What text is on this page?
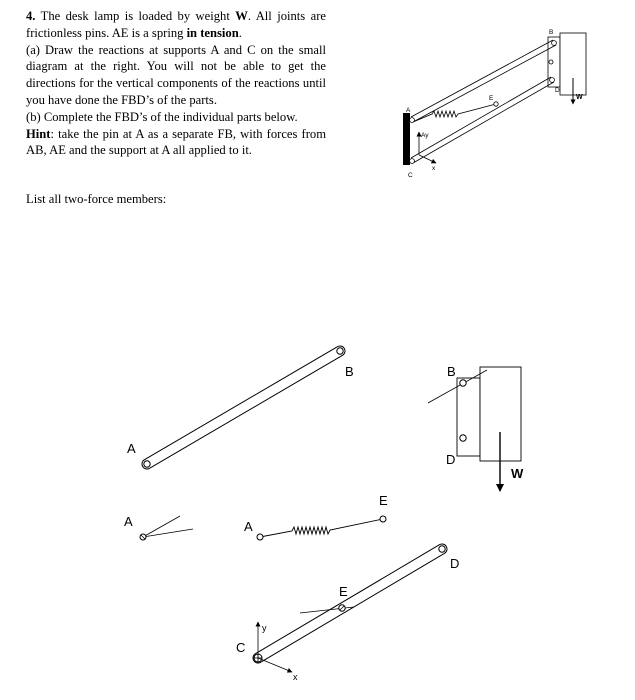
4. The desk lamp is loaded by weight W. All joints are frictionless pins. AE is a spring in tension.

(a) Draw the reactions at supports A and C on the small diagram at the right. You will not be able to get the directions for the vertical components of the reactions until you have done the FBD’s of the parts.

(b) Complete the FBD’s of the individual parts below.

Hint: take the pin at A as a separate FB, with forces from AB, AE and the support at A all applied to it.

List all two-force members:
A
C
E
B
D
W
Ay
x
A
B
A	A
E
B
D
W
C
E
D
y
x
